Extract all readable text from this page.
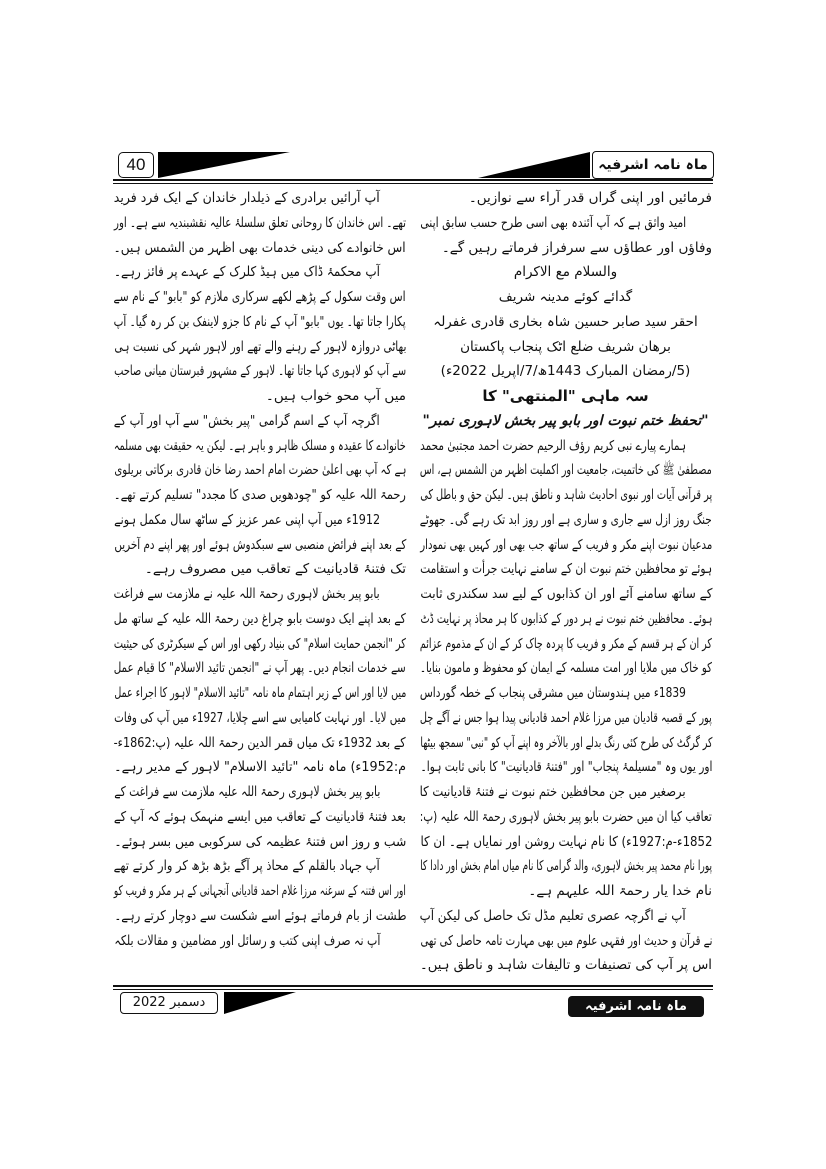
40	ماہ نامہ اشرفیہ
فرمائیں اور اپنی گراں قدر آراء سے نوازیں۔
امید واثق ہے کہ آپ آئندہ بھی اسی طرح حسب سابق اپنی
وفاؤں اور عطاؤں سے سرفراز فرماتے رہیں گے۔
والسلام مع الاکرام
گدائے کوئے مدینہ شریف
احقر سید صابر حسین شاہ بخاری قادری غفرلہ
برھان شریف ضلع اٹک پنجاب پاکستان
(5/رمضان المبارک 1443ھ/7/اپریل 2022ء)
سہ ماہی "المنتھی" کا
"تحفظ ختم نبوت اور بابو پیر بخش لاہوری نمبر"
ہمارے پیارے نبی کریم رؤف الرحیم حضرت احمد مجتبیٰ محمد
مصطفیٰ ﷺ کی خاتمیت، جامعیت اور اکملیت اظہر من الشمس ہے، اس
پر قرآنی آیات اور نبوی احادیث شاہد و ناطق ہیں۔ لیکن حق و باطل کی
جنگ روز ازل سے جاری و ساری ہے اور روز ابد تک رہے گی۔ جھوٹے
مدعیان نبوت اپنے مکر و فریب کے ساتھ جب بھی اور کہیں بھی نمودار
ہوئے تو محافظین ختم نبوت ان کے سامنے نہایت جرأت و استقامت
کے ساتھ سامنے آئے اور ان کذابوں کے لیے سد سکندری ثابت
ہوئے۔ محافظین ختم نبوت نے ہر دور کے کذابوں کا ہر محاذ پر نہایت ڈٹ
کر ان کے ہر قسم کے مکر و فریب کا پردہ چاک کر کے ان کے مذموم عزائم
کو خاک میں ملایا اور امت مسلمہ کے ایمان کو محفوظ و مامون بنایا۔
1839ء میں ہندوستان میں مشرقی پنجاب کے خطہ گورداس
پور کے قصبہ قادیان میں مرزا غلام احمد قادیانی پیدا ہوا جس نے آگے چل
کر گرگٹ کی طرح کئی رنگ بدلے اور بالآخر وہ اپنے آپ کو "نبی" سمجھ بیٹھا
اور یوں وہ "مسیلمۂ پنجاب" اور "فتنۂ قادیانیت" کا بانی ثابت ہوا۔
برصغیر میں جن محافظین ختم نبوت نے فتنۂ قادیانیت کا
تعاقب کیا ان میں حضرت بابو پیر بخش لاہوری رحمۃ اللہ علیہ (پ:
1852ء-م:1927ء) کا نام نہایت روشن اور نمایاں ہے۔ ان کا
پورا نام محمد پیر بخش لاہوری، والد گرامی کا نام میاں امام بخش اور دادا کا
نام خدا یار رحمۃ اللہ علیہم ہے۔
آپ نے اگرچہ عصری تعلیم مڈل تک حاصل کی لیکن آپ
نے قرآن و حدیث اور فقہی علوم میں بھی مہارت تامہ حاصل کی تھی
اس پر آپ کی تصنیفات و تالیفات شاہد و ناطق ہیں۔
آپ آرائیں برادری کے ذیلدار خاندان کے ایک فرد فرید
تھے۔ اس خاندان کا روحانی تعلق سلسلۂ عالیہ نقشبندیہ سے ہے۔ اور
اس خانوادے کی دینی خدمات بھی اظہر من الشمس ہیں۔
آپ محکمۂ ڈاک میں ہیڈ کلرک کے عہدے پر فائز رہے۔
اس وقت سکول کے پڑھے لکھے سرکاری ملازم کو "بابو" کے نام سے
پکارا جاتا تھا۔ یوں "بابو" آپ کے نام کا جزو لاینفک بن کر رہ گیا۔ آپ
بھاٹی دروازہ لاہور کے رہنے والے تھے اور لاہور شہر کی نسبت ہی
سے آپ کو لاہوری کہا جاتا تھا۔ لاہور کے مشہور قبرستان میانی صاحب
میں آپ محو خواب ہیں۔
اگرچہ آپ کے اسم گرامی "پیر بخش" سے آپ اور آپ کے
خانوادے کا عقیدہ و مسلک ظاہر و باہر ہے۔ لیکن یہ حقیقت بھی مسلمہ
ہے کہ آپ بھی اعلیٰ حضرت امام احمد رضا خان قادری برکاتی بریلوی
رحمۃ اللہ علیہ کو "چودھویں صدی کا مجدد" تسلیم کرتے تھے۔
1912ء میں آپ اپنی عمر عزیز کے ساٹھ سال مکمل ہونے
کے بعد اپنے فرائض منصبی سے سبکدوش ہوئے اور پھر اپنے دم آخریں
تک فتنۂ قادیانیت کے تعاقب میں مصروف رہے۔
بابو پیر بخش لاہوری رحمۃ اللہ علیہ نے ملازمت سے فراغت
کے بعد اپنے ایک دوست بابو چراغ دین رحمۃ اللہ علیہ کے ساتھ مل
کر "انجمن حمایت اسلام" کی بنیاد رکھی اور اس کے سیکرٹری کی حیثیت
سے خدمات انجام دیں۔ پھر آپ نے "انجمن تائید الاسلام" کا قیام عمل
میں لایا اور اس کے زیر اہتمام ماہ نامہ "تائید الاسلام" لاہور کا اجراء عمل
میں لایا۔ اور نہایت کامیابی سے اسے چلایا، 1927ء میں آپ کی وفات
کے بعد 1932ء تک میاں قمر الدین رحمۃ اللہ علیہ (پ:1862ء-
م:1952ء) ماہ نامہ "تائید الاسلام" لاہور کے مدیر رہے۔
بابو پیر بخش لاہوری رحمۃ اللہ علیہ ملازمت سے فراغت کے
بعد فتنۂ قادیانیت کے تعاقب میں ایسے منہمک ہوئے کہ آپ کے
شب و روز اس فتنۂ عظیمہ کی سرکوبی میں بسر ہوئے۔
آپ جہاد بالقلم کے محاذ پر آگے بڑھ بڑھ کر وار کرتے تھے
اور اس فتنہ کے سرغنہ مرزا غلام احمد قادیانی آنجہانی کے ہر مکر و فریب کو
طشت از بام فرماتے ہوئے اسے شکست سے دوچار کرتے رہے۔
آپ نہ صرف اپنی کتب و رسائل اور مضامین و مقالات بلکہ
دسمبر 2022	ماہ نامہ اشرفیہ
